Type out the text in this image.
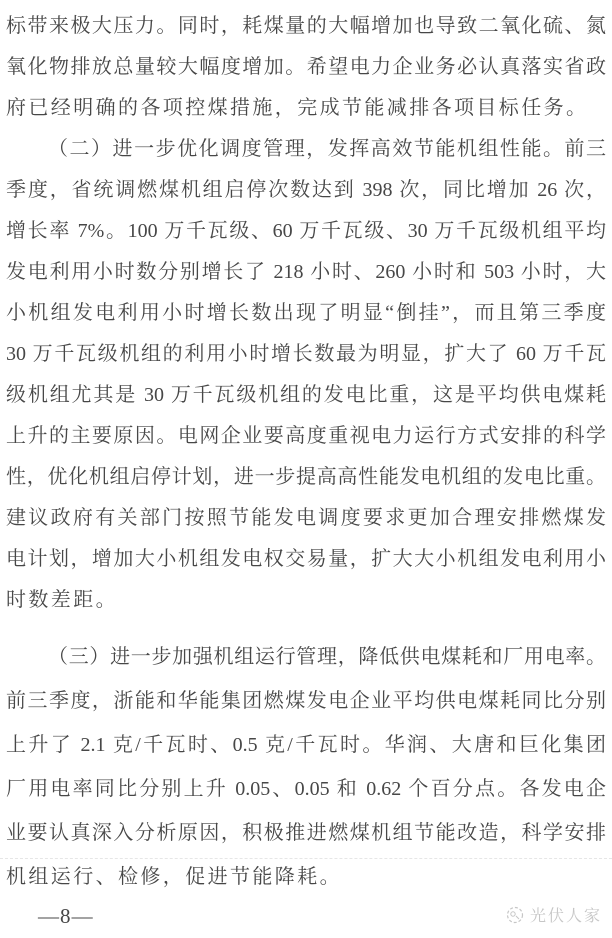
标带来极大压力。同时，耗煤量的大幅增加也导致二氧化硫、氮
氧化物排放总量较大幅度增加。希望电力企业务必认真落实省政
府已经明确的各项控煤措施，完成节能减排各项目标任务。
（二）进一步优化调度管理，发挥高效节能机组性能。前三
季度，省统调燃煤机组启停次数达到 398 次，同比增加 26 次，
增长率 7%。100 万千瓦级、60 万千瓦级、30 万千瓦级机组平均
发电利用小时数分别增长了 218 小时、260 小时和 503 小时，大
小机组发电利用小时增长数出现了明显“倒挂”，而且第三季度
30 万千瓦级机组的利用小时增长数最为明显，扩大了 60 万千瓦
级机组尤其是 30 万千瓦级机组的发电比重，这是平均供电煤耗
上升的主要原因。电网企业要高度重视电力运行方式安排的科学
性，优化机组启停计划，进一步提高高性能发电机组的发电比重。
建议政府有关部门按照节能发电调度要求更加合理安排燃煤发
电计划，增加大小机组发电权交易量，扩大大小机组发电利用小
时数差距。
（三）进一步加强机组运行管理，降低供电煤耗和厂用电率。
前三季度，浙能和华能集团燃煤发电企业平均供电煤耗同比分别
上升了 2.1 克/千瓦时、0.5 克/千瓦时。华润、大唐和巨化集团
厂用电率同比分别上升 0.05、0.05 和 0.62 个百分点。各发电企
业要认真深入分析原因，积极推进燃煤机组节能改造，科学安排
机组运行、检修，促进节能降耗。
—8—	光伏人家
